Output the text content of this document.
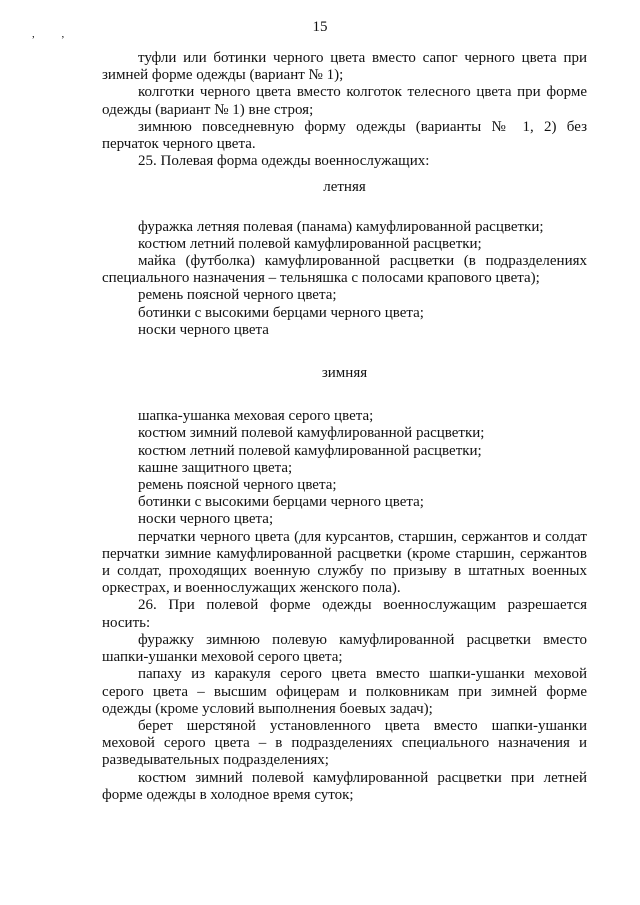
15
, ,

туфли или ботинки черного цвета вместо сапог черного цвета при зимней форме одежды (вариант № 1);

колготки черного цвета вместо колготок телесного цвета при форме одежды (вариант № 1) вне строя;

зимнюю повседневную форму одежды (варианты № 1, 2) без перчаток черного цвета.

25. Полевая форма одежды военнослужащих:

летняя

фуражка летняя полевая (панама) камуфлированной расцветки;

костюм летний полевой камуфлированной расцветки;

майка (футболка) камуфлированной расцветки (в подразделениях специального назначения – тельняшка с полосами крапового цвета);

ремень поясной черного цвета;

ботинки с высокими берцами черного цвета;

носки черного цвета

зимняя

шапка-ушанка меховая серого цвета;

костюм зимний полевой камуфлированной расцветки;

костюм летний полевой камуфлированной расцветки;

кашне защитного цвета;

ремень поясной черного цвета;

ботинки с высокими берцами черного цвета;

носки черного цвета;

перчатки черного цвета (для курсантов, старшин, сержантов и солдат перчатки зимние камуфлированной расцветки (кроме старшин, сержантов и солдат, проходящих военную службу по призыву в штатных военных оркестрах, и военнослужащих женского пола).

26. При полевой форме одежды военнослужащим разрешается носить:

фуражку зимнюю полевую камуфлированной расцветки вместо шапки-ушанки меховой серого цвета;

папаху из каракуля серого цвета вместо шапки-ушанки меховой серого цвета – высшим офицерам и полковникам при зимней форме одежды (кроме условий выполнения боевых задач);

берет шерстяной установленного цвета вместо шапки-ушанки меховой серого цвета – в подразделениях специального назначения и разведывательных подразделениях;

костюм зимний полевой камуфлированной расцветки при летней форме одежды в холодное время суток;
